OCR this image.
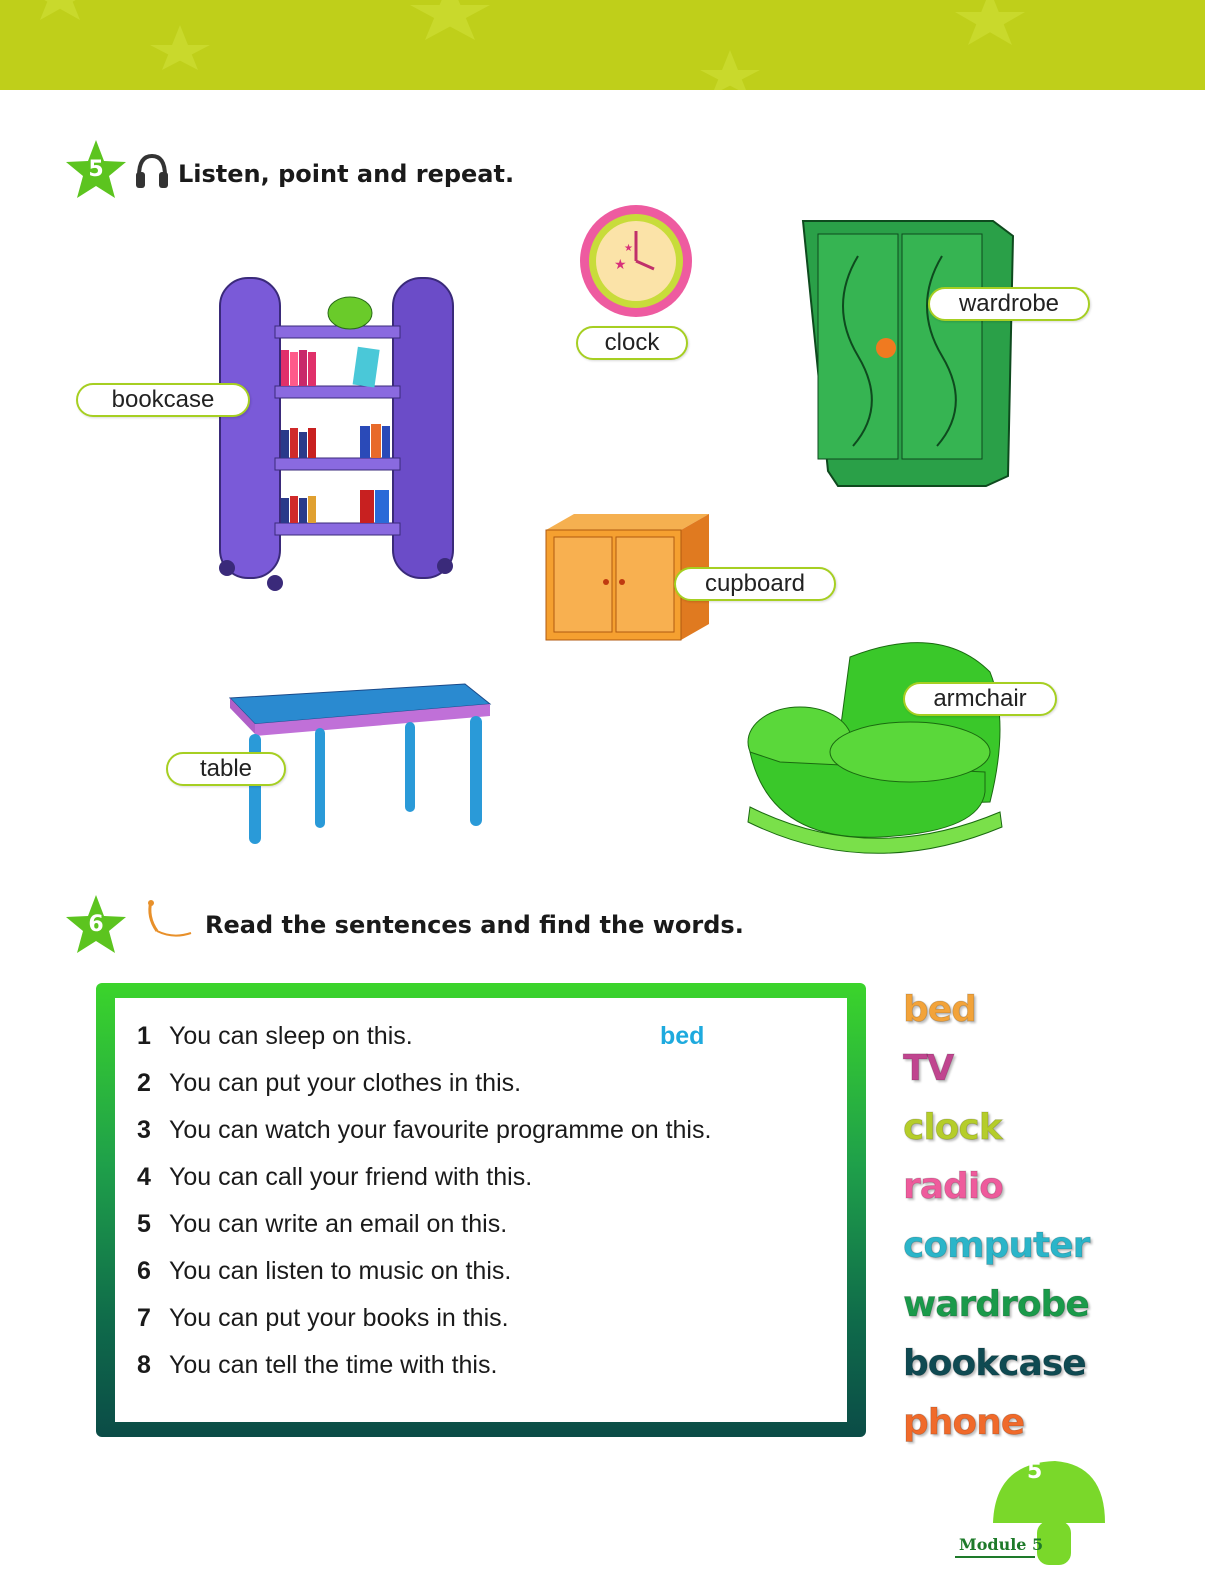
5	Listen, point and repeat.
bookcase
★
★
clock
wardrobe
cupboard
table
armchair
6	Read the sentences and find the words.
1 You can sleep on this.	bed
2 You can put your clothes in this.
3 You can watch your favourite programme on this.
4 You can call your friend with this.
5 You can write an email on this.
6 You can listen to music on this.
7 You can put your books in this.
8 You can tell the time with this.
bed
TV
clock
radio
computer
wardrobe
bookcase
phone
5
Module 5
